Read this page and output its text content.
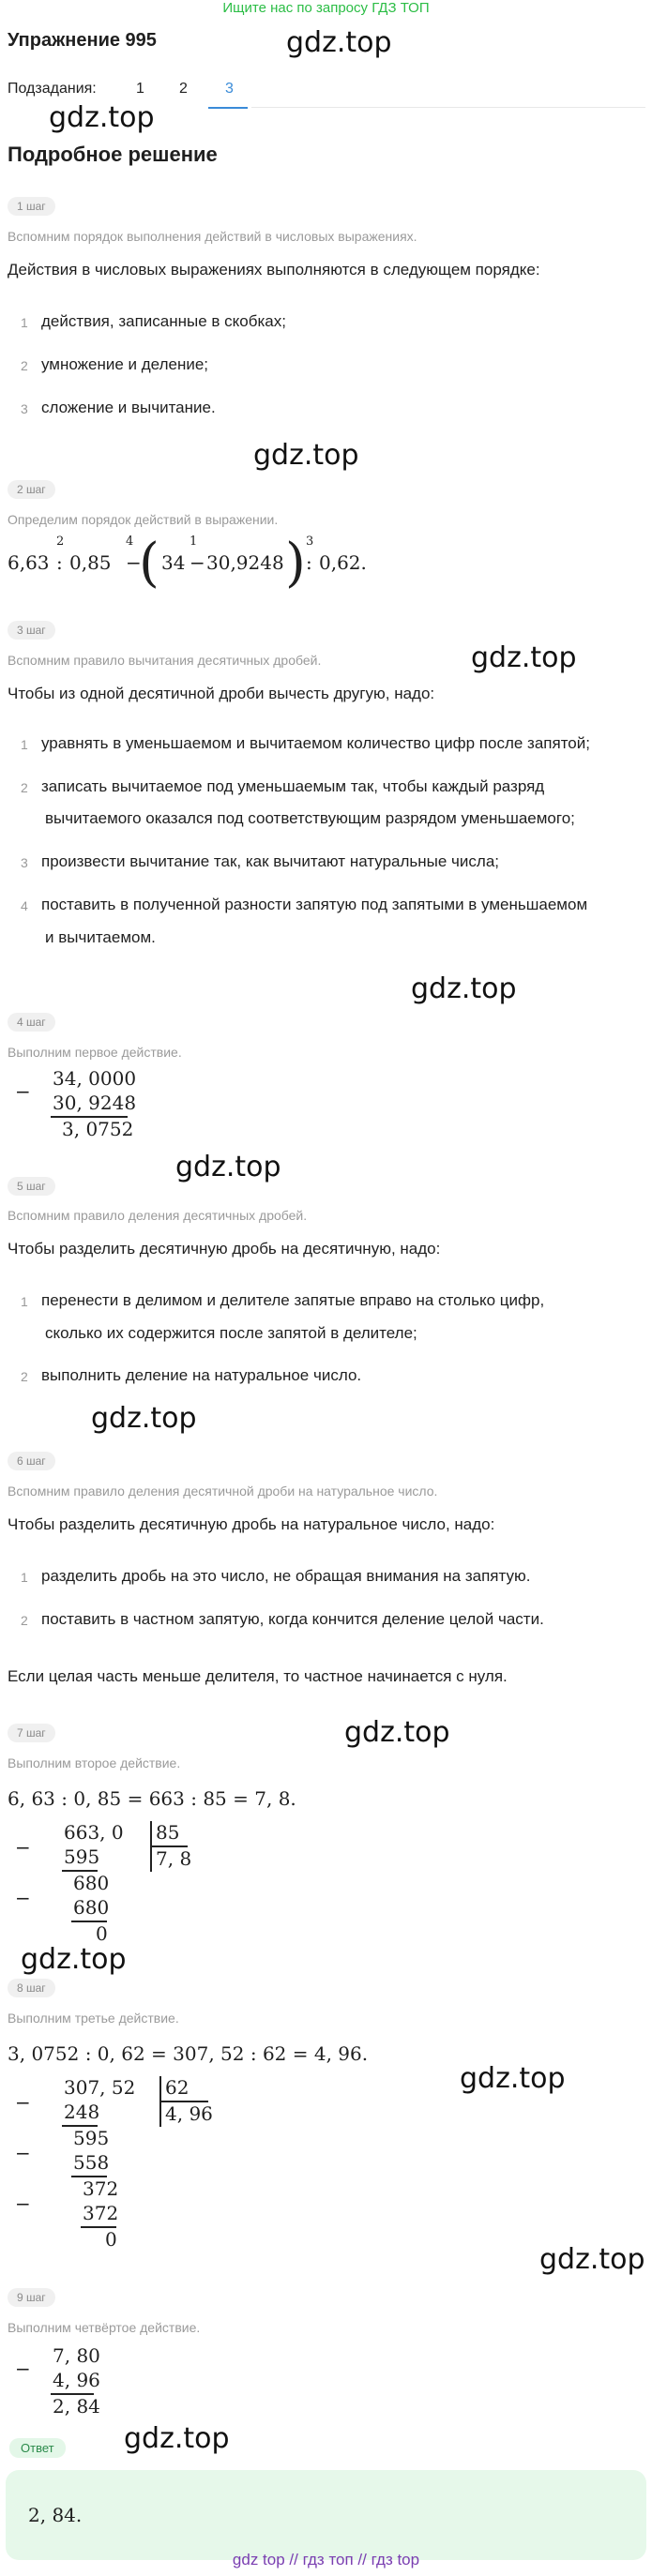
Ищите нас по запросу ГДЗ ТОП
gdz.top
gdz.top
gdz.top
gdz.top
gdz.top
gdz.top
gdz.top
gdz.top
gdz.top
gdz.top
gdz.top
gdz.top
Упражнение 995
Подзадания:	1 2	3
Подробное решение
1 шаг
Вспомним порядок выполнения действий в числовых выражениях.
Действия в числовых выражениях выполняются в следующем порядке:
1 действия, записанные в скобках;
2 умножение и деление;
3 сложение и вычитание.
2 шаг
Определим порядок действий в выражении.
6,63 :
2
0,85 −
4 ( 34 −
1
30,9248 ) :
3
0,62.
3 шаг
Вспомним правило вычитания десятичных дробей.
Чтобы из одной десятичной дроби вычесть другую, надо:
1 уравнять в уменьшаемом и вычитаемом количество цифр после запятой;
2 записать вычитаемое под уменьшаемым так, чтобы каждый разряд
вычитаемого оказался под соответствующим разрядом уменьшаемого;
3 произвести вычитание так, как вычитают натуральные числа;
4 поставить в полученной разности запятую под запятыми в уменьшаемом
и вычитаемом.
4 шаг
Выполним первое действие.
−
34, 0000
30, 9248
3, 0752
5 шаг
Вспомним правило деления десятичных дробей.
Чтобы разделить десятичную дробь на десятичную, надо:
1 перенести в делимом и делителе запятые вправо на столько цифр,
сколько их содержится после запятой в делителе;
2 выполнить деление на натуральное число.
6 шаг
Вспомним правило деления десятичной дроби на натуральное число.
Чтобы разделить десятичную дробь на натуральное число, надо:
1 разделить дробь на это число, не обращая внимания на запятую.
2 поставить в частном запятую, когда кончится деление целой части.
Если целая часть меньше делителя, то частное начинается с нуля.
7 шаг
Выполним второе действие.
6, 63 : 0, 85 = 663 : 85 = 7, 8.
−
663, 0 85
595	7, 8
680
− 680
0
8 шаг
Выполним третье действие.
3, 0752 : 0, 62 = 307, 52 : 62 = 4, 96.
−
307, 52 62
248	4, 96
595
− 558
372
−	372
0
9 шаг
Выполним четвёртое действие.
−
7, 80
4, 96
2, 84
Ответ
2, 84.
gdz top // гдз топ // гдз top
